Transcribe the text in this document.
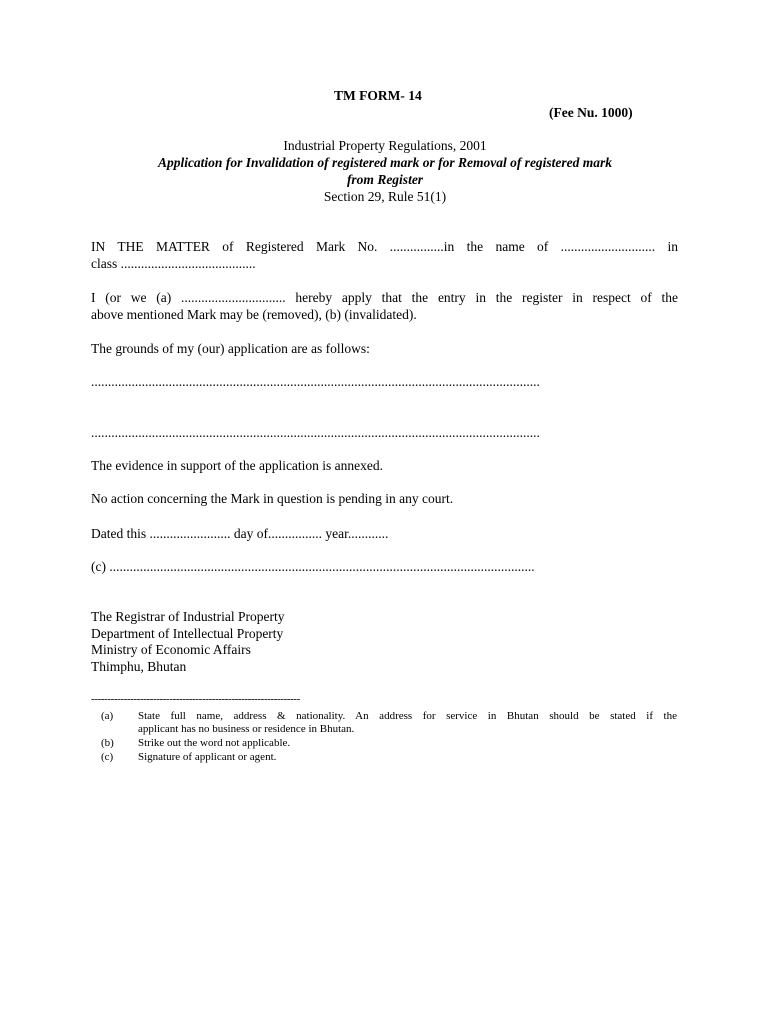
TM FORM- 14
(Fee Nu. 1000)
Industrial Property Regulations, 2001
Application for Invalidation of registered mark or for Removal of registered mark
from Register
Section 29, Rule 51(1)
IN THE MATTER of Registered Mark No. ................in the name of ............................ in
class ........................................
I (or we (a) ............................... hereby apply that the entry in the register in respect of the
above mentioned Mark may be (removed), (b) (invalidated).
The grounds of my (our) application are as follows:
.....................................................................................................................................
.....................................................................................................................................
The evidence in support of the application is annexed.
No action concerning the Mark in question is pending in any court.
Dated this ........................ day of................ year............
(c) ..............................................................................................................................
The Registrar of Industrial Property
Department of Intellectual Property
Ministry of Economic Affairs
Thimphu, Bhutan
----------------------------------------------------------------
(a) State full name, address & nationality. An address for service in Bhutan should be stated if the
applicant has no business or residence in Bhutan.
(b) Strike out the word not applicable.
(c) Signature of applicant or agent.
